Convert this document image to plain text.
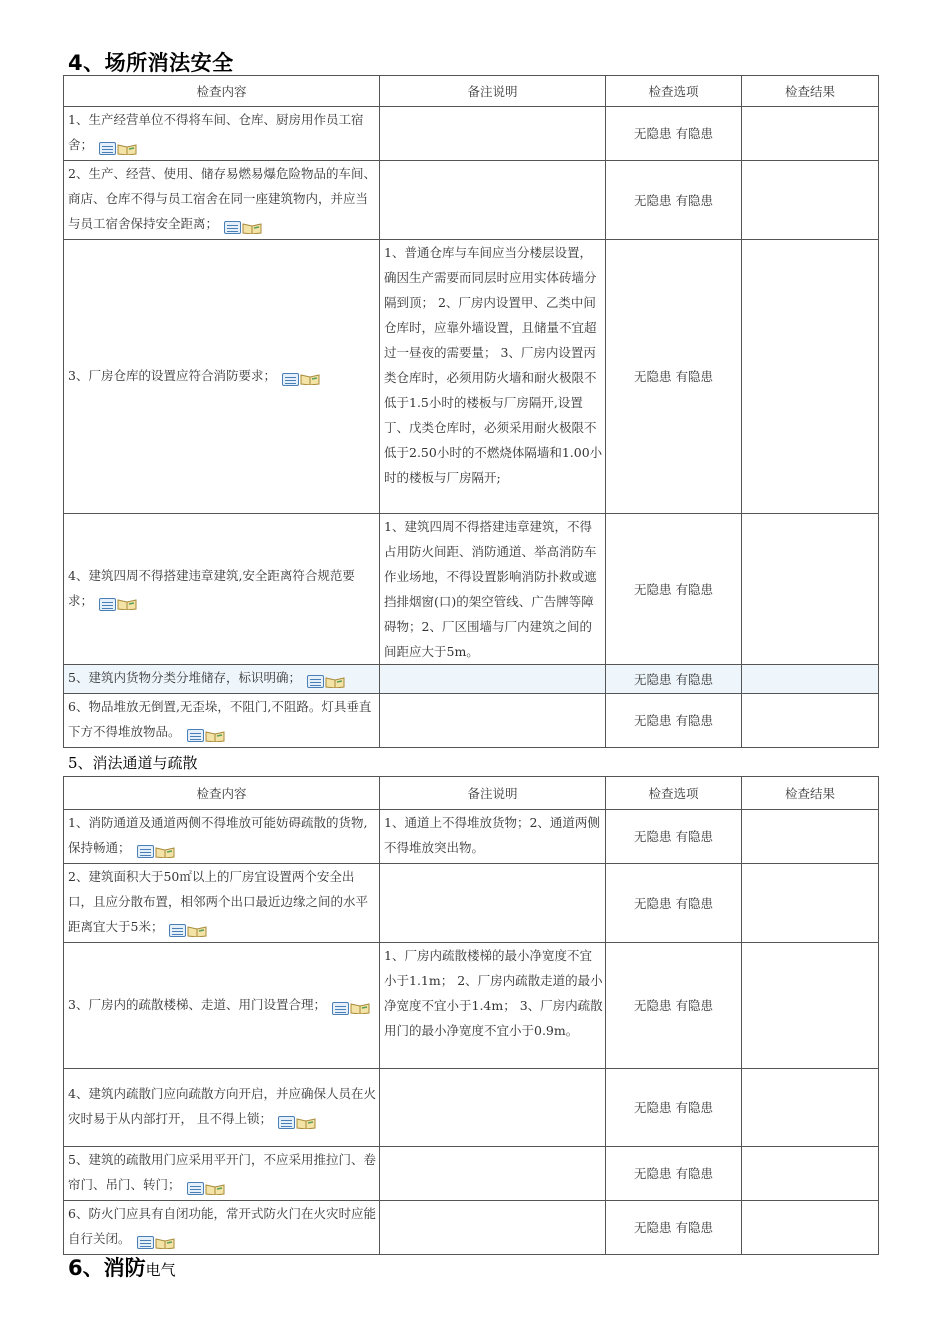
4、场所消法安全
检查内容	备注说明	检查选项	检查结果
1、生产经营单位不得将车间、仓库、厨房用作员工宿舍；		无隐患 有隐患	
2、生产、经营、使用、储存易燃易爆危险物品的车间、商店、仓库不得与员工宿舍在同一座建筑物内，并应当与员工宿舍保持安全距离；		无隐患 有隐患	
3、厂房仓库的设置应符合消防要求；	1、普通仓库与车间应当分楼层设置，确因生产需要而同层时应用实体砖墙分隔到顶； 2、厂房内设置甲、乙类中间仓库时，应靠外墙设置，且储量不宜超过一昼夜的需要量； 3、厂房内设置丙类仓库时，必须用防火墙和耐火极限不低于1.5小时的楼板与厂房隔开,设置丁、戊类仓库时，必须采用耐火极限不低于2.50小时的不燃烧体隔墙和1.00小时的楼板与厂房隔开;	无隐患 有隐患	
4、建筑四周不得搭建违章建筑,安全距离符合规范要求；	1、建筑四周不得搭建违章建筑，不得占用防火间距、消防通道、举高消防车作业场地，不得设置影响消防扑救或遮挡排烟窗(口)的架空管线、广告牌等障碍物；2、厂区围墙与厂内建筑之间的间距应大于5m。	无隐患 有隐患	
5、建筑内货物分类分堆储存，标识明确；		无隐患 有隐患	
6、物品堆放无倒置,无歪垛，不阻门,不阻路。灯具垂直下方不得堆放物品。		无隐患 有隐患	
5、消法通道与疏散
检查内容	备注说明	检查选项	检查结果
1、消防通道及通道两侧不得堆放可能妨碍疏散的货物,保持畅通；	1、通道上不得堆放货物；2、通道两侧不得堆放突出物。	无隐患 有隐患	
2、建筑面积大于50㎡以上的厂房宜设置两个安全出口，且应分散布置，相邻两个出口最近边缘之间的水平距离宜大于5米；		无隐患 有隐患	
3、厂房内的疏散楼梯、走道、用门设置合理；	1、厂房内疏散楼梯的最小净宽度不宜小于1.1m； 2、厂房内疏散走道的最小净宽度不宜小于1.4m； 3、厂房内疏散用门的最小净宽度不宜小于0.9m。	无隐患 有隐患	
4、建筑内疏散门应向疏散方向开启，并应确保人员在火灾时易于从内部打开， 且不得上锁；		无隐患 有隐患	
5、建筑的疏散用门应采用平开门，不应采用推拉门、卷帘门、吊门、转门；		无隐患 有隐患	
6、防火门应具有自闭功能，常开式防火门在火灾时应能自行关闭。		无隐患 有隐患	
6、消防电气
